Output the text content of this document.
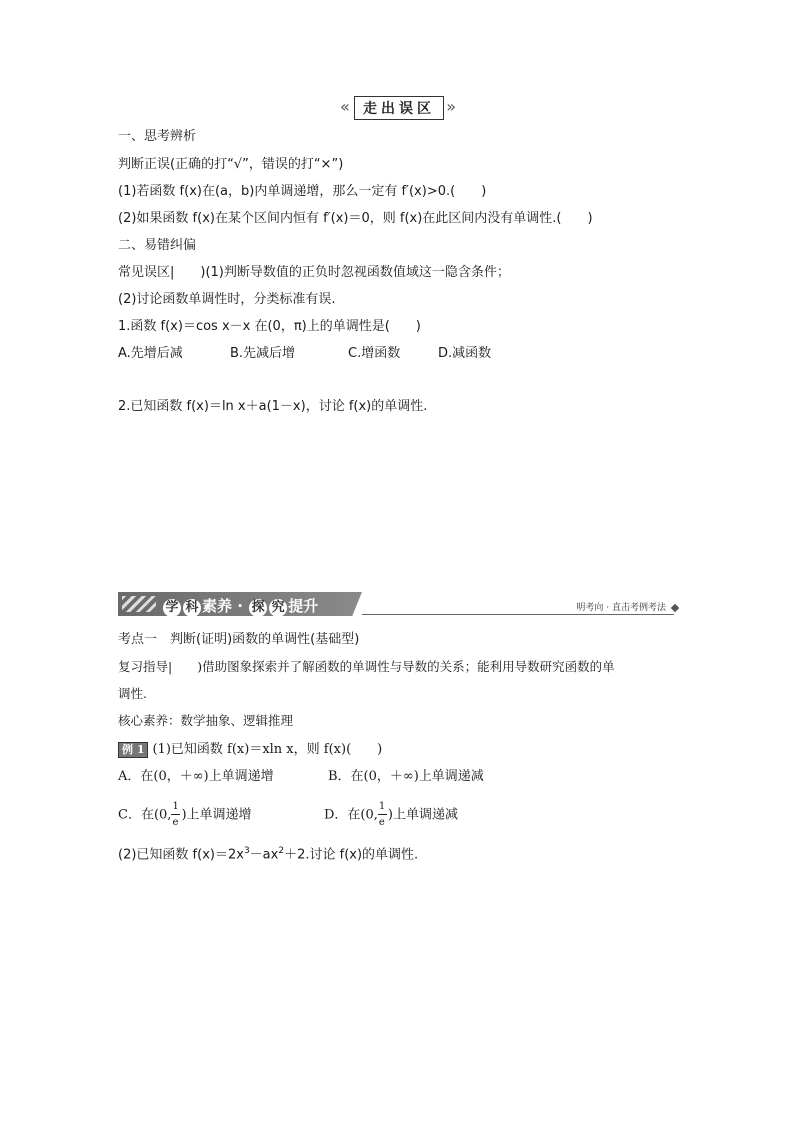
« 走出误区 »
一、思考辨析
判断正误(正确的打“√”，错误的打“×”)
(1)若函数 f(x)在(a，b)内单调递增，那么一定有 f′(x)>0.(　　)
(2)如果函数 f(x)在某个区间内恒有 f′(x)＝0，则 f(x)在此区间内没有单调性.(　　)
二、易错纠偏
常见误区|　　)(1)判断导数值的正负时忽视函数值域这一隐含条件；
(2)讨论函数单调性时，分类标准有误.
1.函数 f(x)＝cos x－x 在(0，π)上的单调性是(　　)
A.先增后减	B.先减后增	C.增函数	D.减函数
2.已知函数 f(x)＝ln x＋a(1－x)，讨论 f(x)的单调性.
学 科 素养 · 探 究 提升	明考向 · 直击考例考法
考点一　判断(证明)函数的单调性(基础型)
复习指导|　　)借助图象探索并了解函数的单调性与导数的关系；能利用导数研究函数的单
调性.
核心素养：数学抽象、逻辑推理
例 1 (1)已知函数 f(x)＝xln x，则 f(x)(　　)
A．在(0，＋∞)上单调递增	B．在(0，＋∞)上单调递减
C．在(0, $\frac{1}{e}$ )上单调递增	D．在(0, $\frac{1}{e}$ )上单调递减
(2)已知函数 $f(x)=2x^3-ax^2+2$.讨论 f(x)的单调性.
